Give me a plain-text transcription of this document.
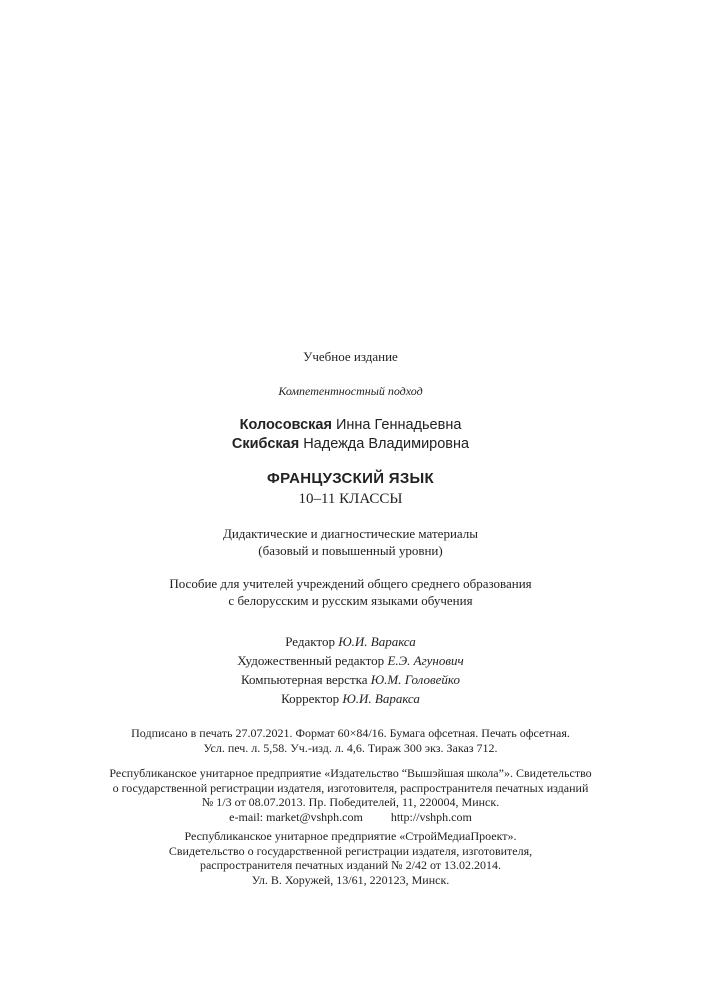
Учебное издание
Компетентностный подход
Колосовская Инна Геннадьевна
Скибская Надежда Владимировна
ФРАНЦУЗСКИЙ ЯЗЫК
10–11 КЛАССЫ
Дидактические и диагностические материалы
(базовый и повышенный уровни)
Пособие для учителей учреждений общего среднего образования
с белорусским и русским языками обучения
Редактор Ю.И. Варакса
Художественный редактор Е.Э. Агунович
Компьютерная верстка Ю.М. Головейко
Корректор Ю.И. Варакса
Подписано в печать 27.07.2021. Формат 60×84/16. Бумага офсетная. Печать офсетная.
Усл. печ. л. 5,58. Уч.-изд. л. 4,6. Тираж 300 экз. Заказ 712.
Республиканское унитарное предприятие «Издательство “Вышэйшая школа”». Свидетельство
о государственной регистрации издателя, изготовителя, распространителя печатных изданий
№ 1/3 от 08.07.2013. Пр. Победителей, 11, 220004, Минск.
e-mail: market@vshph.com http://vshph.com
Республиканское унитарное предприятие «СтройМедиаПроект».
Свидетельство о государственной регистрации издателя, изготовителя,
распространителя печатных изданий № 2/42 от 13.02.2014.
Ул. В. Хоружей, 13/61, 220123, Минск.
